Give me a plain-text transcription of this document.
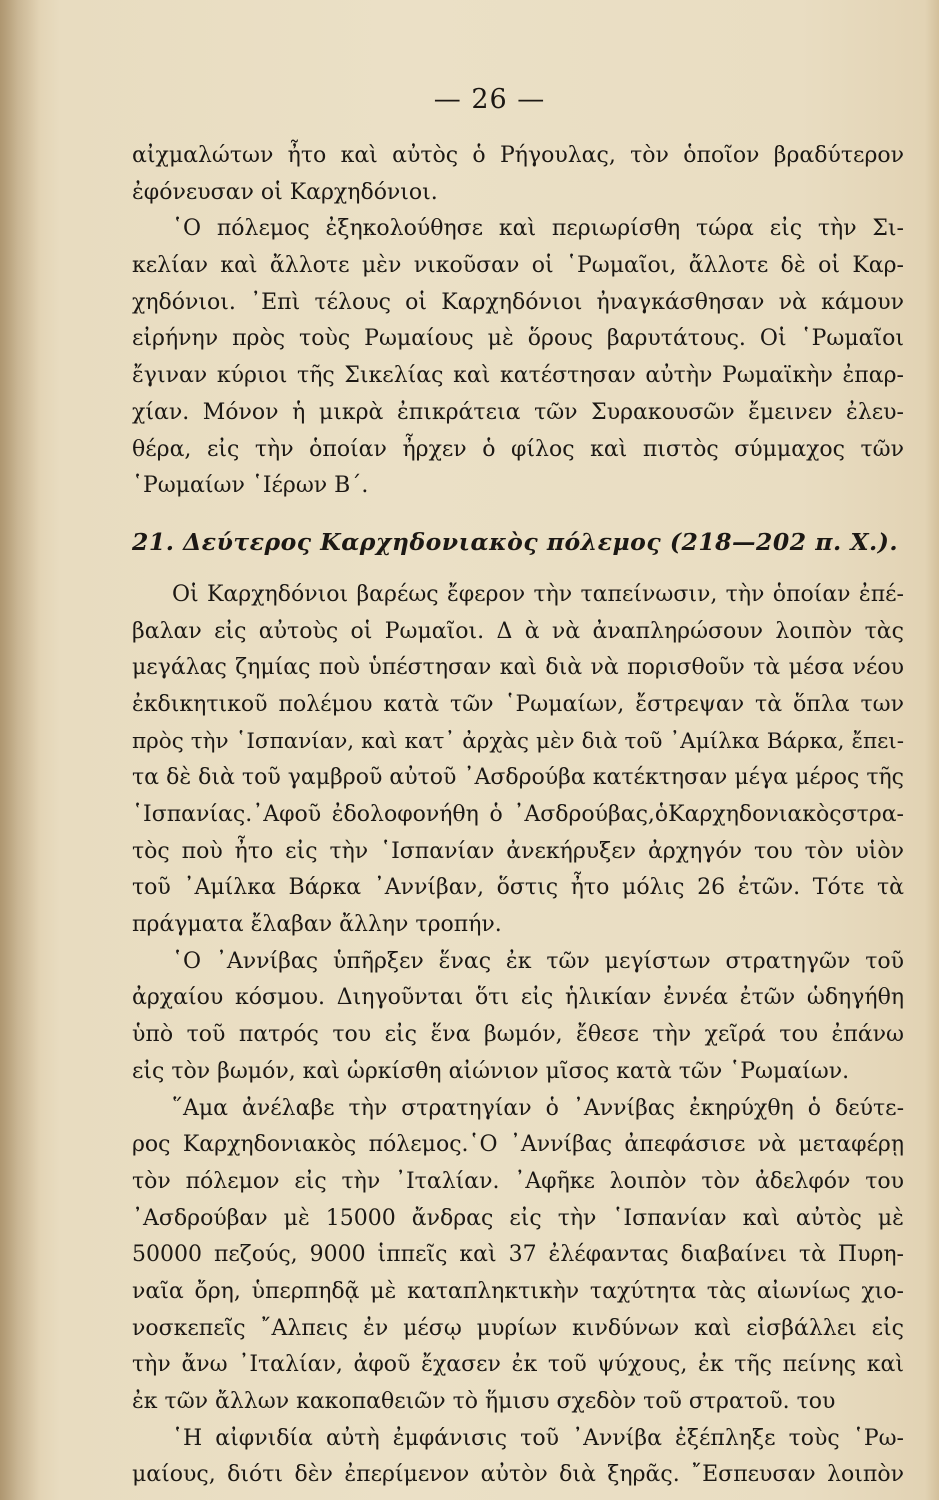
— 26 —
αἰχμαλώτων ἦτο καὶ αὐτὸς ὁ Ρήγουλας, τὸν ὁποῖον βραδύτερον
ἐφόνευσαν οἱ Καρχηδόνιοι.
῾Ο πόλεμος ἐξηκολούθησε καὶ περιωρίσθη τώρα εἰς τὴν Σι-
κελίαν καὶ ἄλλοτε μὲν νικοῦσαν οἱ ῾Ρωμαῖοι, ἄλλοτε δὲ οἱ Καρ-
χηδόνιοι. ᾿Επὶ τέλους οἱ Καρχηδόνιοι ἠναγκάσθησαν νὰ κάμουν
εἰρήνην πρὸς τοὺς Ρωμαίους μὲ ὅρους βαρυτάτους. Οἱ ῾Ρωμαῖοι
ἔγιναν κύριοι τῆς Σικελίας καὶ κατέστησαν αὐτὴν Ρωμαϊκὴν ἐπαρ-
χίαν. Μόνον ἡ μικρὰ ἐπικράτεια τῶν Συρακουσῶν ἔμεινεν ἐλευ-
θέρα, εἰς τὴν ὁποίαν ἦρχεν ὁ φίλος καὶ πιστὸς σύμμαχος τῶν
῾Ρωμαίων ῾Ιέρων Β΄.
21. Δεύτερος Καρχηδονιακὸς πόλεμος (218—202 π. Χ.).
Οἱ Καρχηδόνιοι βαρέως ἔφερον τὴν ταπείνωσιν, τὴν ὁποίαν ἐπέ-
βαλαν εἰς αὐτοὺς οἱ Ρωμαῖοι. Δ ὰ νὰ ἀναπληρώσουν λοιπὸν τὰς
μεγάλας ζημίας ποὺ ὑπέστησαν καὶ διὰ νὰ πορισθοῦν τὰ μέσα νέου
ἐκδικητικοῦ πολέμου κατὰ τῶν ῾Ρωμαίων, ἔστρεψαν τὰ ὅπλα των
πρὸς τὴν ῾Ισπανίαν, καὶ κατ᾿ ἀρχὰς μὲν διὰ τοῦ ᾿Αμίλκα Βάρκα, ἔπει-
τα δὲ διὰ τοῦ γαμβροῦ αὐτοῦ ᾿Ασδρούβα κατέκτησαν μέγα μέρος τῆς
῾Ισπανίας.᾿Αφοῦ ἐδολοφονήθη ὁ ᾿Ασδρούβας,ὁΚαρχηδονιακὸςστρα-
τὸς ποὺ ἦτο εἰς τὴν ῾Ισπανίαν ἀνεκήρυξεν ἀρχηγόν του τὸν υἱὸν
τοῦ ᾿Αμίλκα Βάρκα ᾿Αννίβαν, ὅστις ἦτο μόλις 26 ἐτῶν. Τότε τὰ
πράγματα ἔλαβαν ἄλλην τροπήν.
῾Ο ᾿Αννίβας ὑπῆρξεν ἕνας ἐκ τῶν μεγίστων στρατηγῶν τοῦ
ἀρχαίου κόσμου. Διηγοῦνται ὅτι εἰς ἡλικίαν ἐννέα ἐτῶν ὡδηγήθη
ὑπὸ τοῦ πατρός του εἰς ἕνα βωμόν, ἔθεσε τὴν χεῖρά του ἐπάνω
εἰς τὸν βωμόν, καὶ ὡρκίσθη αἰώνιον μῖσος κατὰ τῶν ῾Ρωμαίων.
῞Αμα ἀνέλαβε τὴν στρατηγίαν ὁ ᾿Αννίβας ἐκηρύχθη ὁ δεύτε-
ρος Καρχηδονιακὸς πόλεμος.῾Ο ᾿Αννίβας ἀπεφάσισε νὰ μεταφέρῃ
τὸν πόλεμον εἰς τὴν ᾿Ιταλίαν. ᾿Αφῆκε λοιπὸν τὸν ἀδελφόν του
᾿Ασδρούβαν μὲ 15000 ἄνδρας εἰς τὴν ῾Ισπανίαν καὶ αὐτὸς μὲ
50000 πεζούς, 9000 ἱππεῖς καὶ 37 ἐλέφαντας διαβαίνει τὰ Πυρη-
ναῖα ὄρη, ὑπερπηδᾷ μὲ καταπληκτικὴν ταχύτητα τὰς αἰωνίως χιο-
νοσκεπεῖς ῎Αλπεις ἐν μέσῳ μυρίων κινδύνων καὶ εἰσβάλλει εἰς
τὴν ἄνω ᾿Ιταλίαν, ἀφοῦ ἔχασεν ἐκ τοῦ ψύχους, ἐκ τῆς πείνης καὶ
ἐκ τῶν ἄλλων κακοπαθειῶν τὸ ἥμισυ σχεδὸν τοῦ στρατοῦ. του
῾Η αἰφνιδία αὐτὴ ἐμφάνισις τοῦ ᾿Αννίβα ἐξέπληξε τοὺς ῾Ρω-
μαίους, διότι δὲν ἐπερίμενον αὐτὸν διὰ ξηρᾶς. ῎Εσπευσαν λοιπὸν
